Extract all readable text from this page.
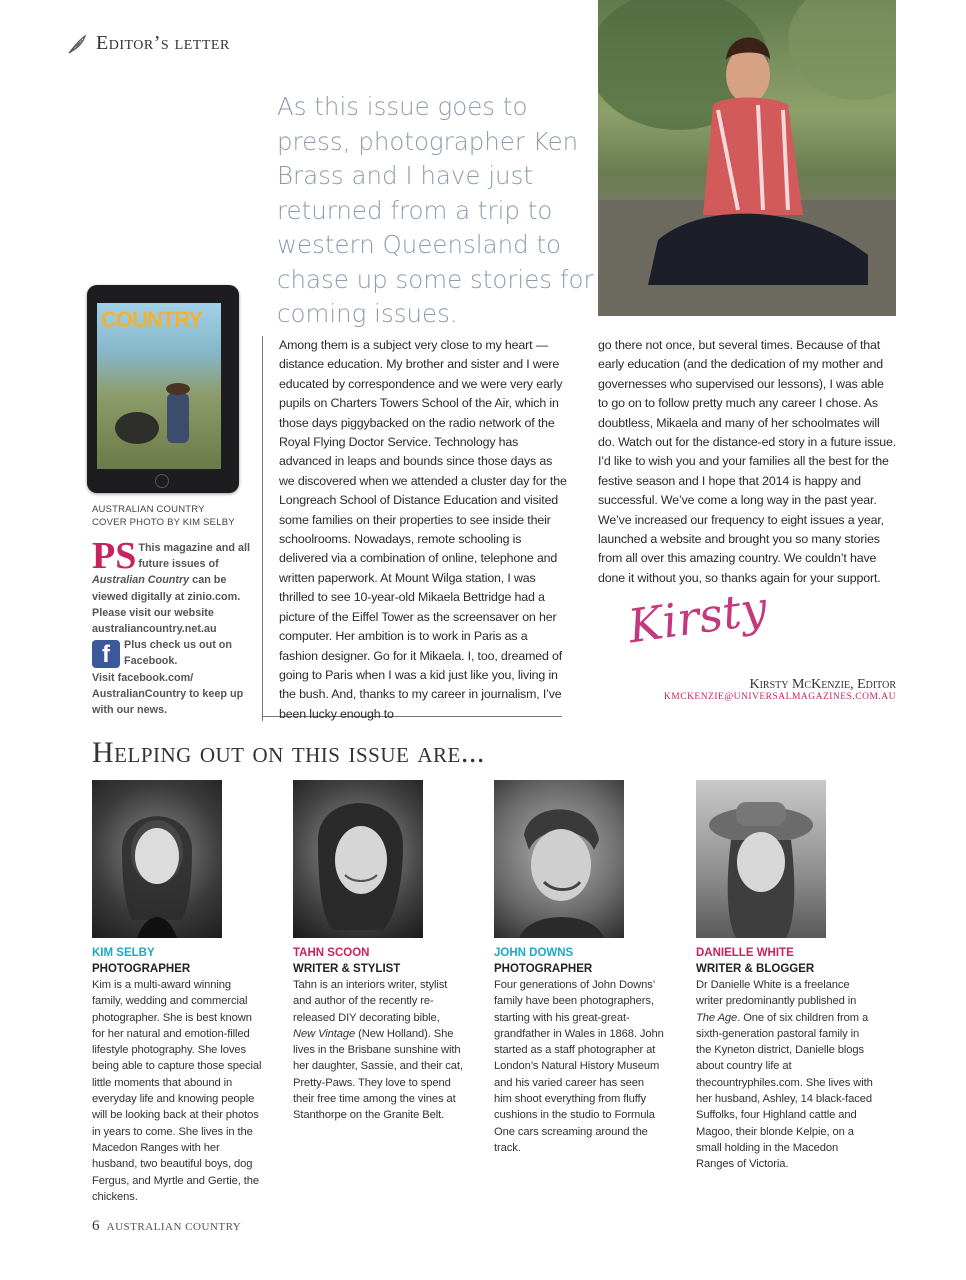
Editor’s letter
As this issue goes to press, photographer Ken Brass and I have just returned from a trip to western Queensland to chase up some stories for coming issues.
COUNTRY
AUSTRALIAN COUNTRY
COVER PHOTO BY KIM SELBY
PS This magazine and all future issues of Australian Country can be viewed digitally at zinio.com. Please visit our website australiancountry.net.au
f	Plus check us out on Facebook.
Visit facebook.com/ AustralianCountry to keep up with our news.
Among them is a subject very close to my heart — distance education. My brother and sister and I were educated by correspondence and we were very early pupils on Charters Towers School of the Air, which in those days piggybacked on the radio network of the Royal Flying Doctor Service. Technology has advanced in leaps and bounds since those days as we discovered when we attended a cluster day for the Longreach School of Distance Education and visited some families on their properties to see inside their schoolrooms. Nowadays, remote schooling is delivered via a combination of online, telephone and written paperwork. At Mount Wilga station, I was thrilled to see 10-year-old Mikaela Bettridge had a picture of the Eiffel Tower as the screensaver on her computer. Her ambition is to work in Paris as a fashion designer. Go for it Mikaela. I, too, dreamed of going to Paris when I was a kid just like you, living in the bush. And, thanks to my career in journalism, I’ve been lucky enough to
go there not once, but several times. Because of that early education (and the dedication of my mother and governesses who supervised our lessons), I was able to go on to follow pretty much any career I chose. As doubtless, Mikaela and many of her schoolmates will do. Watch out for the distance-ed story in a future issue. I’d like to wish you and your families all the best for the festive season and I hope that 2014 is happy and successful. We’ve come a long way in the past year. We’ve increased our frequency to eight issues a year, launched a website and brought you so many stories from all over this amazing country. We couldn’t have done it without you, so thanks again for your support.
Kirsty
Kirsty McKenzie, Editor
KMCKENZIE@UNIVERSALMAGAZINES.COM.AU
Helping out on this issue are...
KIM SELBY
PHOTOGRAPHER
Kim is a multi-award winning family, wedding and commercial photographer. She is best known for her natural and emotion-filled lifestyle photography. She loves being able to capture those special little moments that abound in everyday life and knowing people will be looking back at their photos in years to come. She lives in the Macedon Ranges with her husband, two beautiful boys, dog Fergus, and Myrtle and Gertie, the chickens.
TAHN SCOON
WRITER & STYLIST
Tahn is an interiors writer, stylist and author of the recently re-released DIY decorating bible, New Vintage (New Holland). She lives in the Brisbane sunshine with her daughter, Sassie, and their cat, Pretty-Paws. They love to spend their free time among the vines at Stanthorpe on the Granite Belt.
JOHN DOWNS
PHOTOGRAPHER
Four generations of John Downs’ family have been photographers, starting with his great-great-grandfather in Wales in 1868. John started as a staff photographer at London’s Natural History Museum and his varied career has seen him shoot everything from fluffy cushions in the studio to Formula One cars screaming around the track.
DANIELLE WHITE
WRITER & BLOGGER
Dr Danielle White is a freelance writer predominantly published in The Age. One of six children from a sixth-generation pastoral family in the Kyneton district, Danielle blogs about country life at thecountryphiles.com. She lives with her husband, Ashley, 14 black-faced Suffolks, four Highland cattle and Magoo, their blonde Kelpie, on a small holding in the Macedon Ranges of Victoria.
6 AUSTRALIAN COUNTRY
